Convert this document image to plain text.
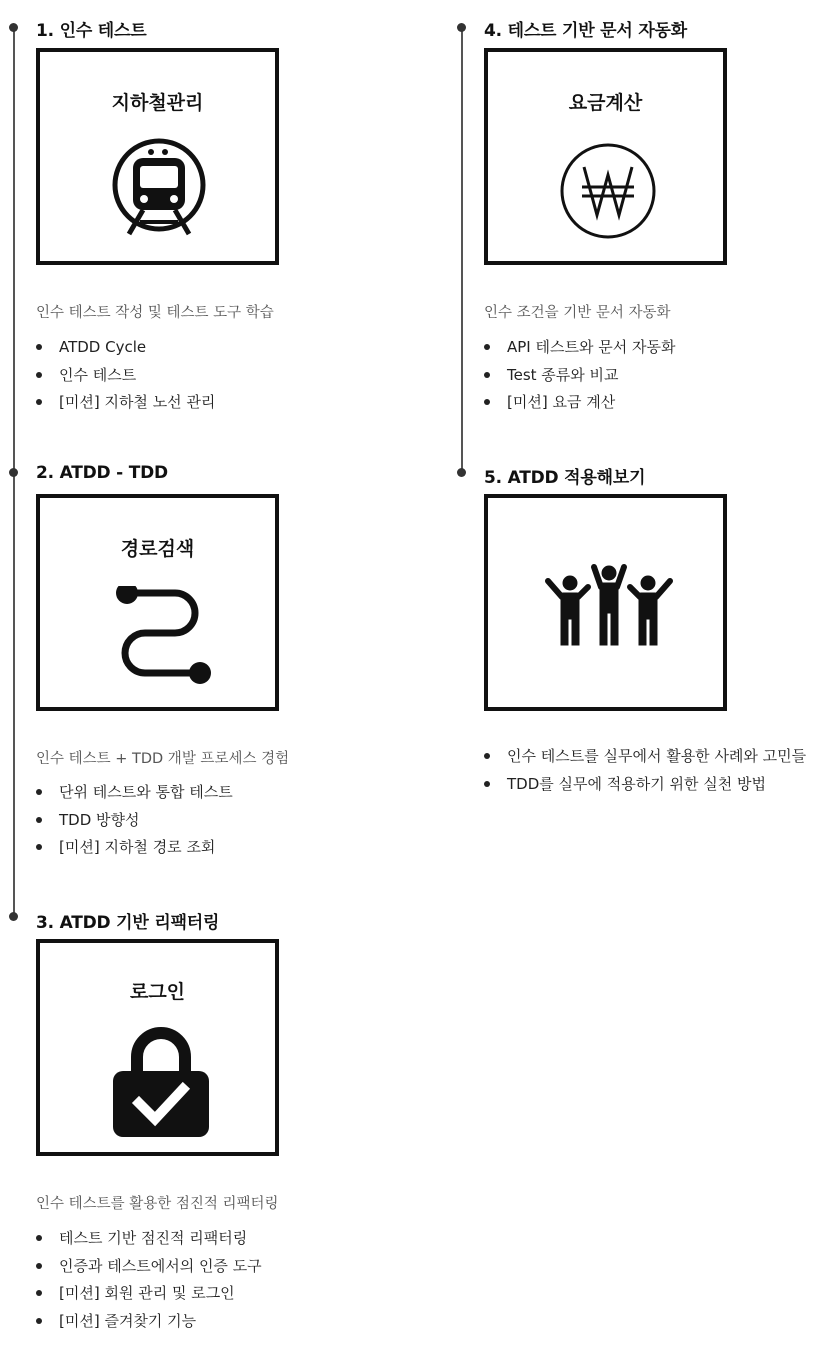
1. 인수 테스트
지하철관리
인수 테스트 작성 및 테스트 도구 학습
ATDD Cycle
인수 테스트
[미션] 지하철 노선 관리
2. ATDD - TDD
경로검색
인수 테스트 + TDD 개발 프로세스 경험
단위 테스트와 통합 테스트
TDD 방향성
[미션] 지하철 경로 조회
3. ATDD 기반 리팩터링
로그인
인수 테스트를 활용한 점진적 리팩터링
테스트 기반 점진적 리팩터링
인증과 테스트에서의 인증 도구
[미션] 회원 관리 및 로그인
[미션] 즐겨찾기 기능
4. 테스트 기반 문서 자동화
요금계산
인수 조건을 기반 문서 자동화
API 테스트와 문서 자동화
Test 종류와 비교
[미션] 요금 계산
5. ATDD 적용해보기
인수 테스트를 실무에서 활용한 사례와 고민들
TDD를 실무에 적용하기 위한 실천 방법
